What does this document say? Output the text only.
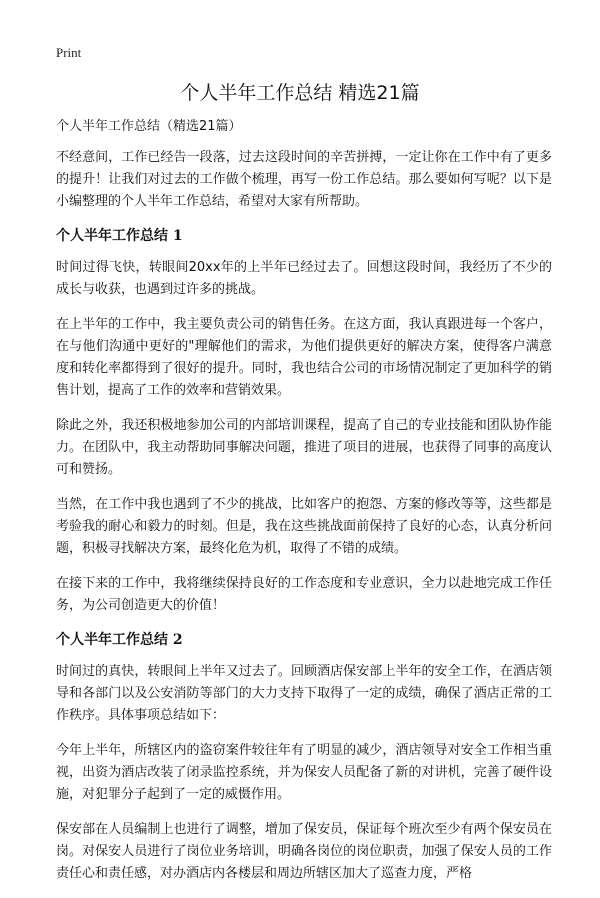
Print
个人半年工作总结 精选21篇

个人半年工作总结（精选21篇）

不经意间，工作已经告一段落，过去这段时间的辛苦拼搏，一定让你在工作中有了更多的提升！让我们对过去的工作做个梳理，再写一份工作总结。那么要如何写呢？以下是小编整理的个人半年工作总结，希望对大家有所帮助。

个人半年工作总结 1

时间过得飞快，转眼间20xx年的上半年已经过去了。回想这段时间，我经历了不少的成长与收获，也遇到过许多的挑战。

在上半年的工作中，我主要负责公司的销售任务。在这方面，我认真跟进每一个客户，在与他们沟通中更好的"理解他们的需求，为他们提供更好的解决方案，使得客户满意度和转化率都得到了很好的提升。同时，我也结合公司的市场情况制定了更加科学的销售计划，提高了工作的效率和营销效果。

除此之外，我还积极地参加公司的内部培训课程，提高了自己的专业技能和团队协作能力。在团队中，我主动帮助同事解决问题，推进了项目的进展，也获得了同事的高度认可和赞扬。

当然，在工作中我也遇到了不少的挑战，比如客户的抱怨、方案的修改等等，这些都是考验我的耐心和毅力的时刻。但是，我在这些挑战面前保持了良好的心态，认真分析问题，积极寻找解决方案，最终化危为机，取得了不错的成绩。

在接下来的工作中，我将继续保持良好的工作态度和专业意识，全力以赴地完成工作任务，为公司创造更大的价值！

个人半年工作总结 2

时间过的真快，转眼间上半年又过去了。回顾酒店保安部上半年的安全工作，在酒店领导和各部门以及公安消防等部门的大力支持下取得了一定的成绩，确保了酒店正常的工作秩序。具体事项总结如下：

今年上半年，所辖区内的盗窃案件较往年有了明显的减少，酒店领导对安全工作相当重视，出资为酒店改装了闭录监控系统，并为保安人员配备了新的对讲机，完善了硬件设施，对犯罪分子起到了一定的威慑作用。

保安部在人员编制上也进行了调整，增加了保安员，保证每个班次至少有两个保安员在岗。对保安人员进行了岗位业务培训，明确各岗位的岗位职责，加强了保安人员的工作责任心和责任感，对办酒店内各楼层和周边所辖区加大了巡查力度，严格
